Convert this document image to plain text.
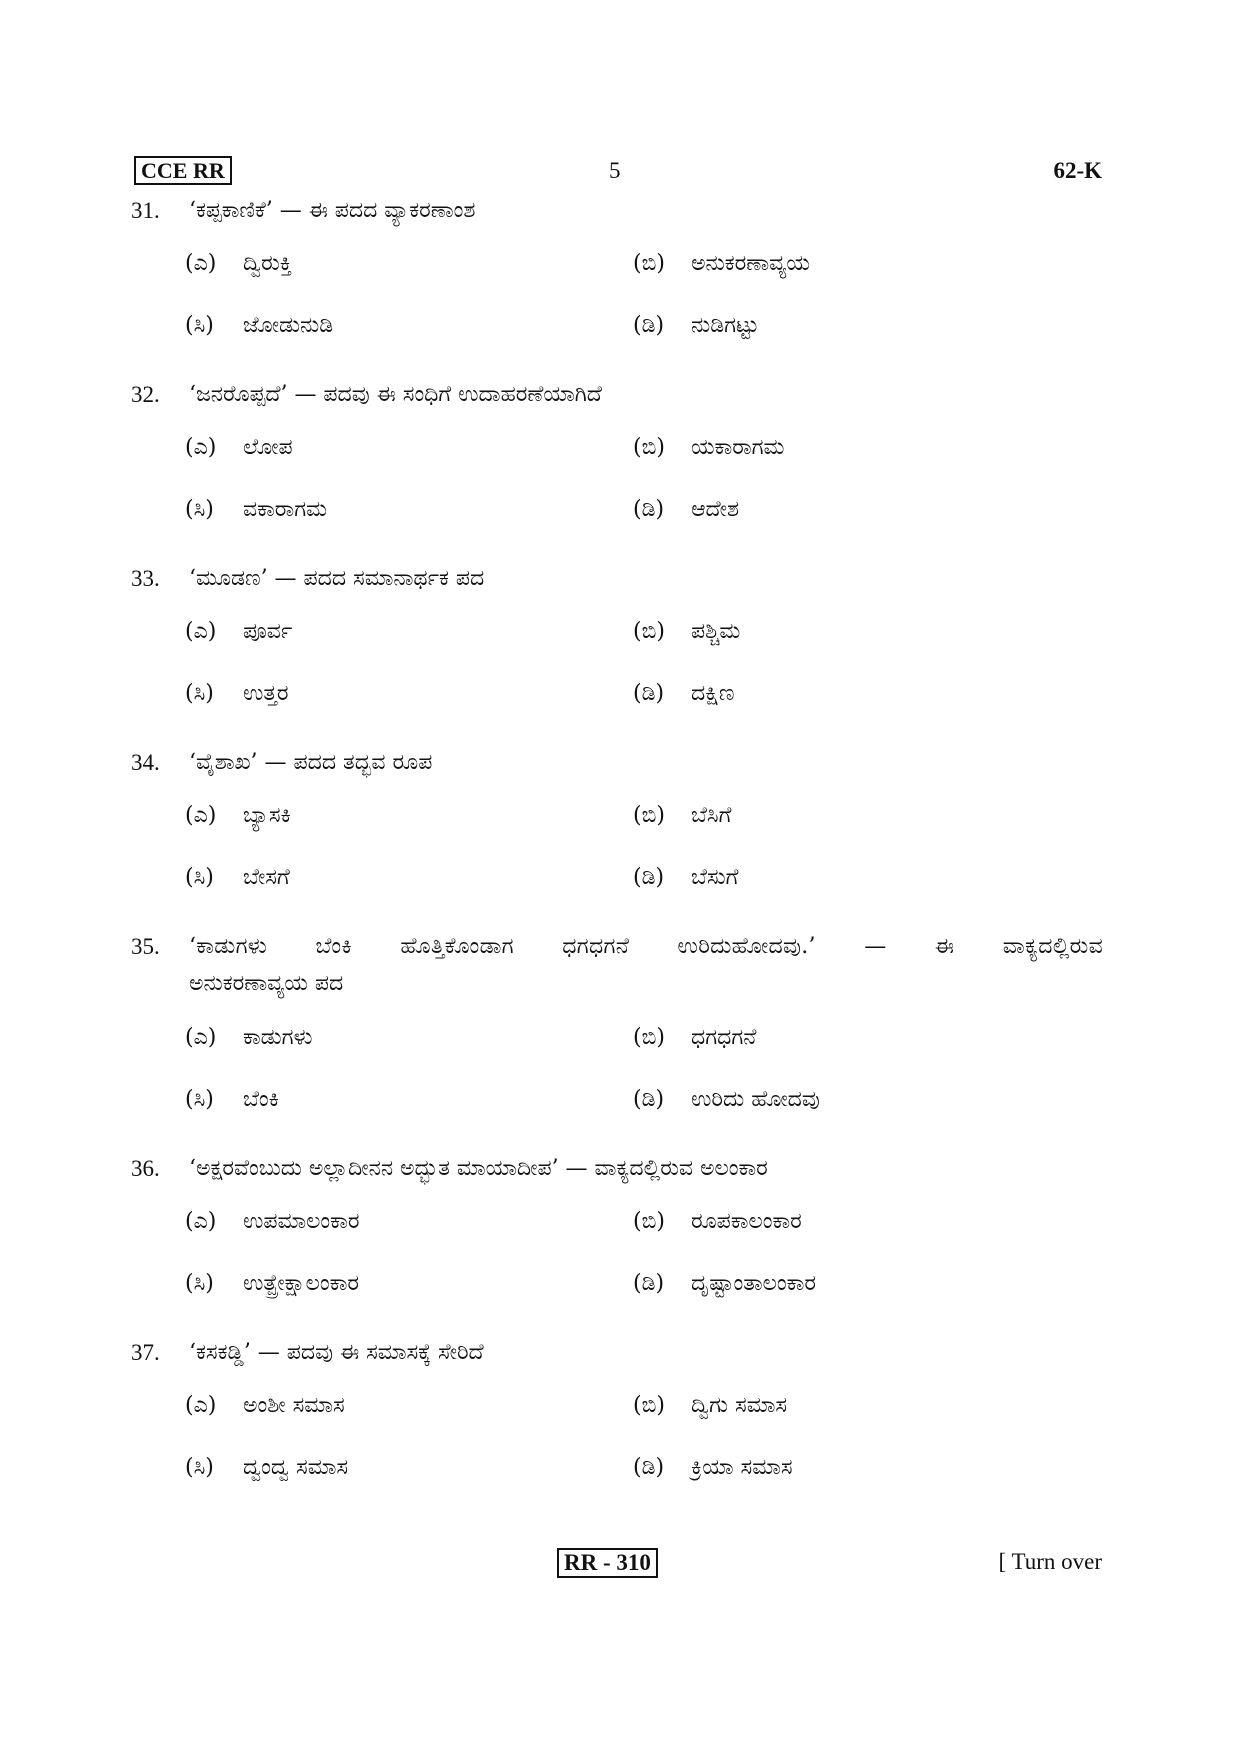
CCE RR	5	62-K
31.	‘ಕಪ್ಪಕಾಣಿಕೆ’ — ಈ ಪದದ ವ್ಯಾಕರಣಾಂಶ
(ಎ)	ದ್ವಿರುಕ್ತಿ	(ಬಿ)	ಅನುಕರಣಾವ್ಯಯ
(ಸಿ)	ಜೋಡುನುಡಿ	(ಡಿ)	ನುಡಿಗಟ್ಟು
32.	‘ಜನರೊಪ್ಪದೆ’ — ಪದವು ಈ ಸಂಧಿಗೆ ಉದಾಹರಣೆಯಾಗಿದೆ
(ಎ)	ಲೋಪ	(ಬಿ)	ಯಕಾರಾಗಮ
(ಸಿ)	ವಕಾರಾಗಮ	(ಡಿ)	ಆದೇಶ
33.	‘ಮೂಡಣ’ — ಪದದ ಸಮಾನಾರ್ಥಕ ಪದ
(ಎ)	ಪೂರ್ವ	(ಬಿ)	ಪಶ್ಚಿಮ
(ಸಿ)	ಉತ್ತರ	(ಡಿ)	ದಕ್ಷಿಣ
34.	‘ವೈಶಾಖ’ — ಪದದ ತದ್ಭವ ರೂಪ
(ಎ)	ಬ್ಯಾಸಕಿ	(ಬಿ)	ಬೆಸಿಗೆ
(ಸಿ)	ಬೇಸಗೆ	(ಡಿ)	ಬೆಸುಗೆ
35.	‘ಕಾಡುಗಳು ಬೆಂಕಿ ಹೊತ್ತಿಕೊಂಡಾಗ ಧಗಧಗನೆ ಉರಿದುಹೋದವು.’ — ಈ ವಾಕ್ಯದಲ್ಲಿರುವ
ಅನುಕರಣಾವ್ಯಯ ಪದ
(ಎ)	ಕಾಡುಗಳು	(ಬಿ)	ಧಗಧಗನೆ
(ಸಿ)	ಬೆಂಕಿ	(ಡಿ)	ಉರಿದು ಹೋದವು
36.	‘ಅಕ್ಷರವೆಂಬುದು ಅಲ್ಲಾದೀನನ ಅದ್ಭುತ ಮಾಯಾದೀಪ’ — ವಾಕ್ಯದಲ್ಲಿರುವ ಅಲಂಕಾರ
(ಎ)	ಉಪಮಾಲಂಕಾರ	(ಬಿ)	ರೂಪಕಾಲಂಕಾರ
(ಸಿ)	ಉತ್ಪ್ರೇಕ್ಷಾಲಂಕಾರ	(ಡಿ)	ದೃಷ್ಟಾಂತಾಲಂಕಾರ
37.	‘ಕಸಕಡ್ಡಿ’ — ಪದವು ಈ ಸಮಾಸಕ್ಕೆ ಸೇರಿದೆ
(ಎ)	ಅಂಶೀ ಸಮಾಸ	(ಬಿ)	ದ್ವಿಗು ಸಮಾಸ
(ಸಿ)	ದ್ವಂದ್ವ ಸಮಾಸ	(ಡಿ)	ಕ್ರಿಯಾ ಸಮಾಸ
RR - 310	[ Turn over
